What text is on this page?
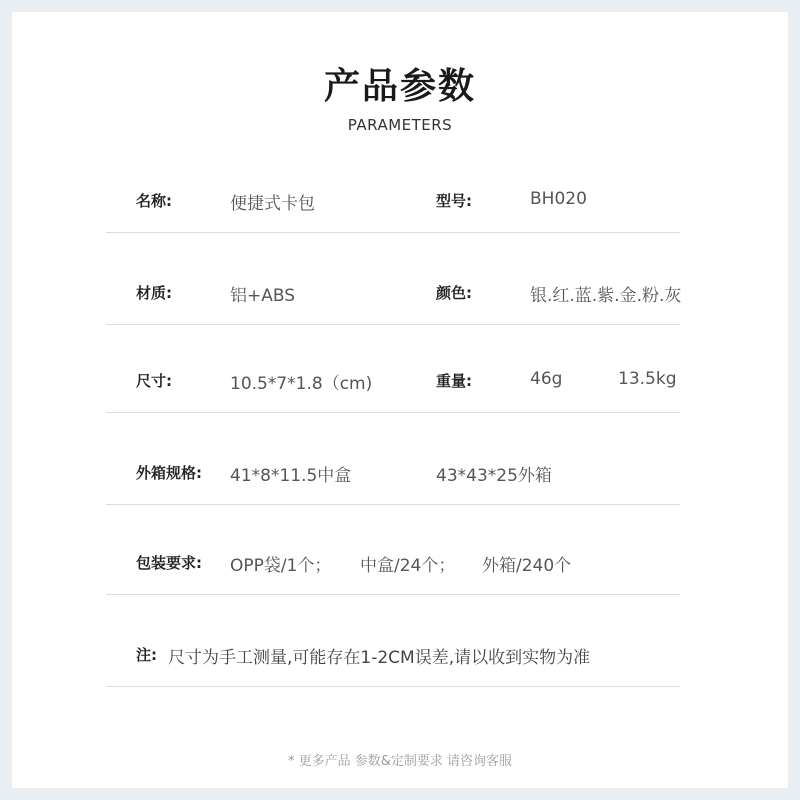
产品参数
PARAMETERS
名称:	便捷式卡包	型号:	BH020
材质:	铝+ABS	颜色:	银.红.蓝.紫.金.粉.灰
尺寸:	10.5*7*1.8（cm)	重量:	46g	13.5kg
外箱规格: 41*8*11.5中盒	43*43*25外箱
包装要求: OPP袋/1个； 中盒/24个； 外箱/240个
注: 尺寸为手工测量,可能存在1-2CM误差,请以收到实物为准
* 更多产品 参数&定制要求 请咨询客服
